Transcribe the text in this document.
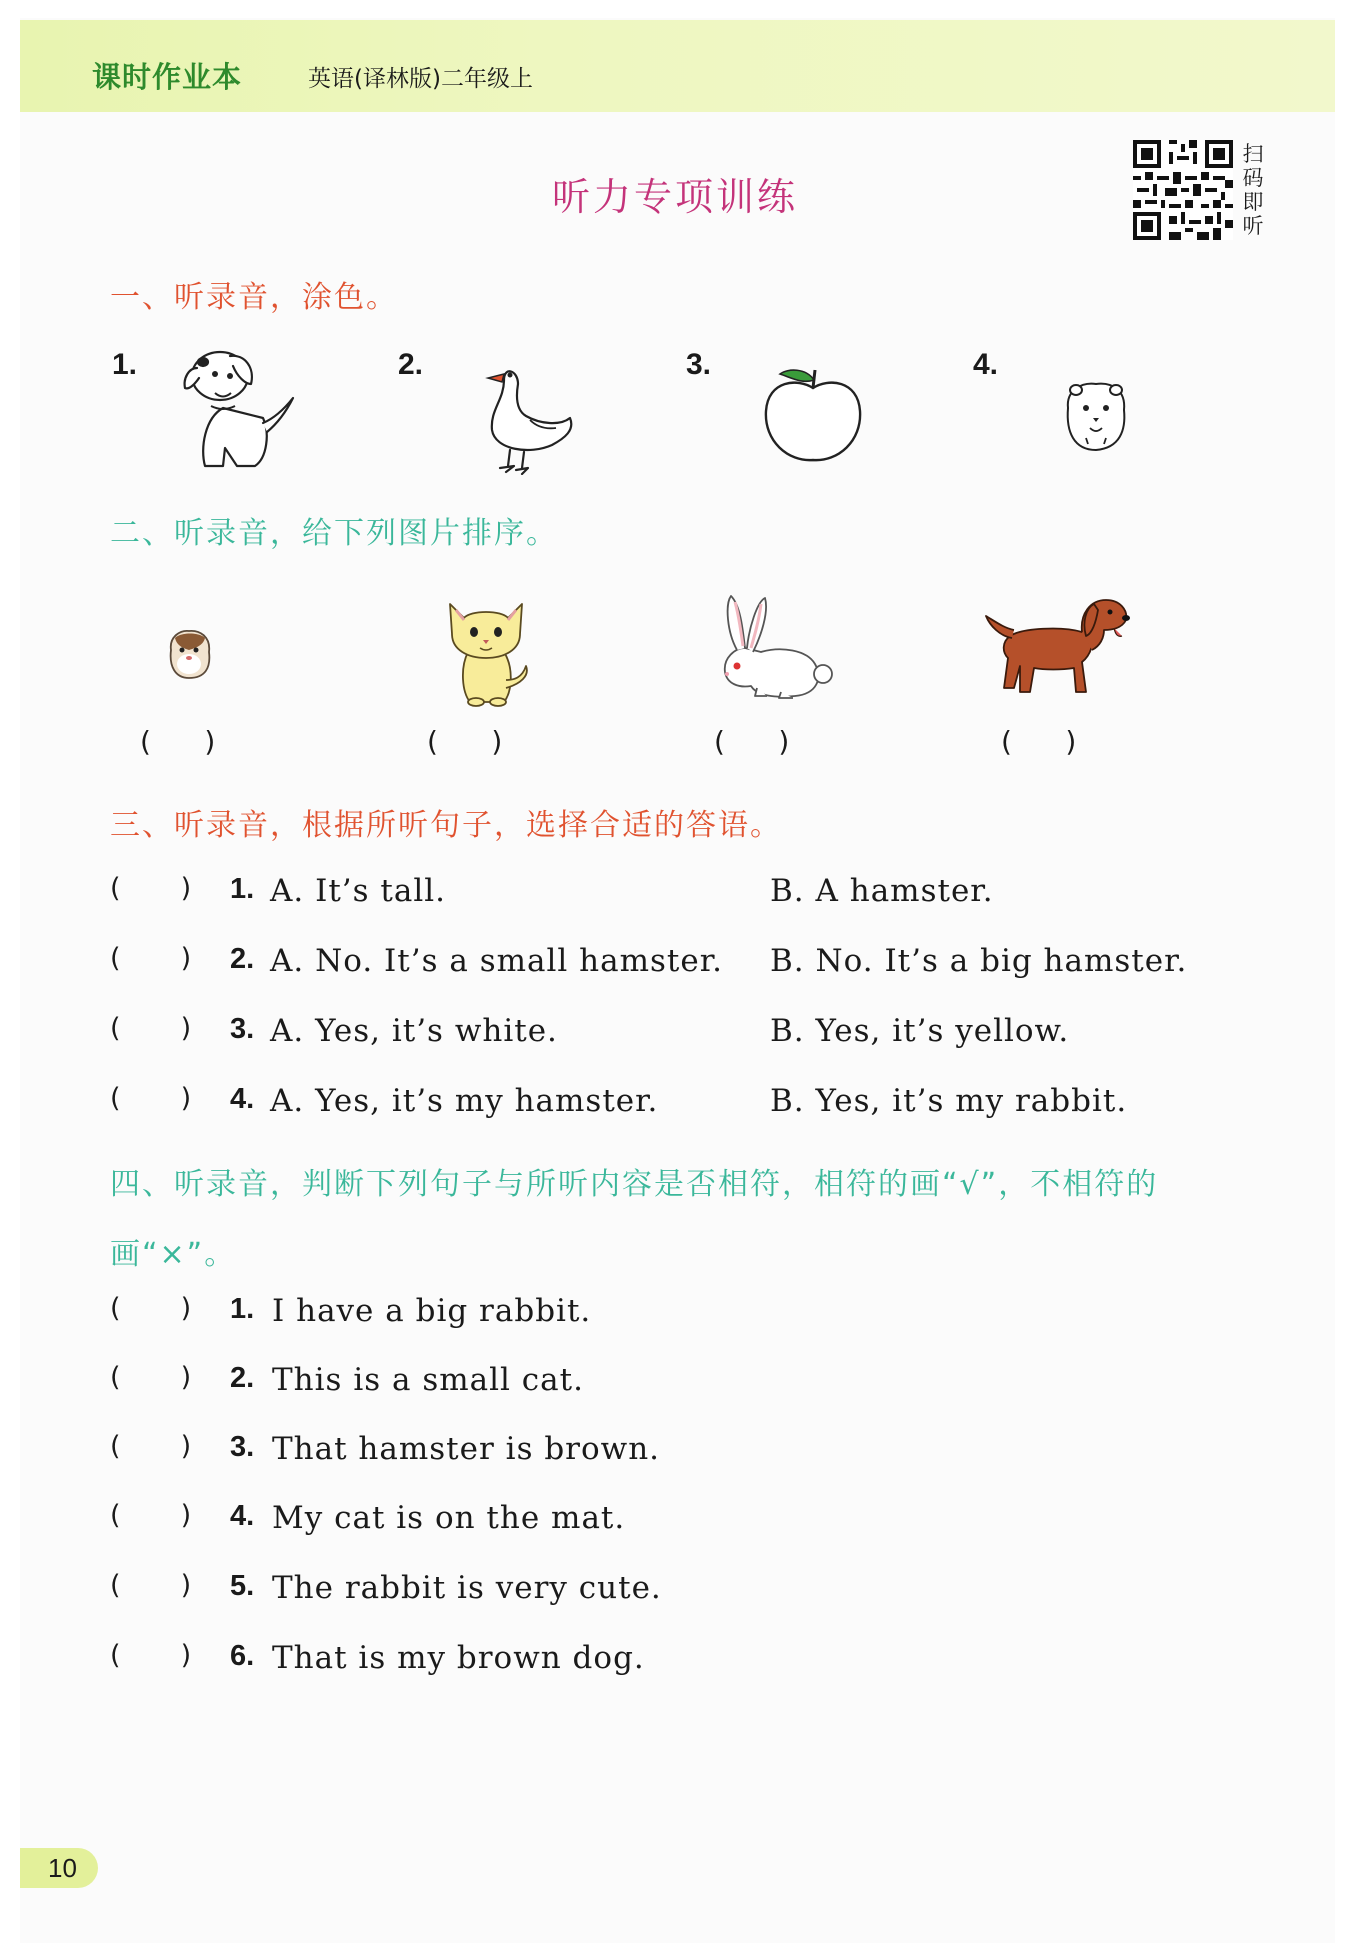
课时作业本	英语(译林版)二年级上
听力专项训练
扫
码
即
听
一、听录音，涂色。
1.	2.	3.	4.
二、听录音，给下列图片排序。
(      )	(      )	(      )	(      )
三、听录音，根据所听句子，选择合适的答语。
(       ) 1. A. It’s tall.	B. A hamster.
(       ) 2. A. No. It’s a small hamster. B. No. It’s a big hamster.
(       ) 3. A. Yes, it’s white.	B. Yes, it’s yellow.
(       ) 4. A. Yes, it’s my hamster.	B. Yes, it’s my rabbit.
四、听录音，判断下列句子与所听内容是否相符，相符的画“√”，不相符的画“×”。
(       ) 1. I have a big rabbit.
(       ) 2. This is a small cat.
(       ) 3. That hamster is brown.
(       ) 4. My cat is on the mat.
(       ) 5. The rabbit is very cute.
(       ) 6. That is my brown dog.
10
